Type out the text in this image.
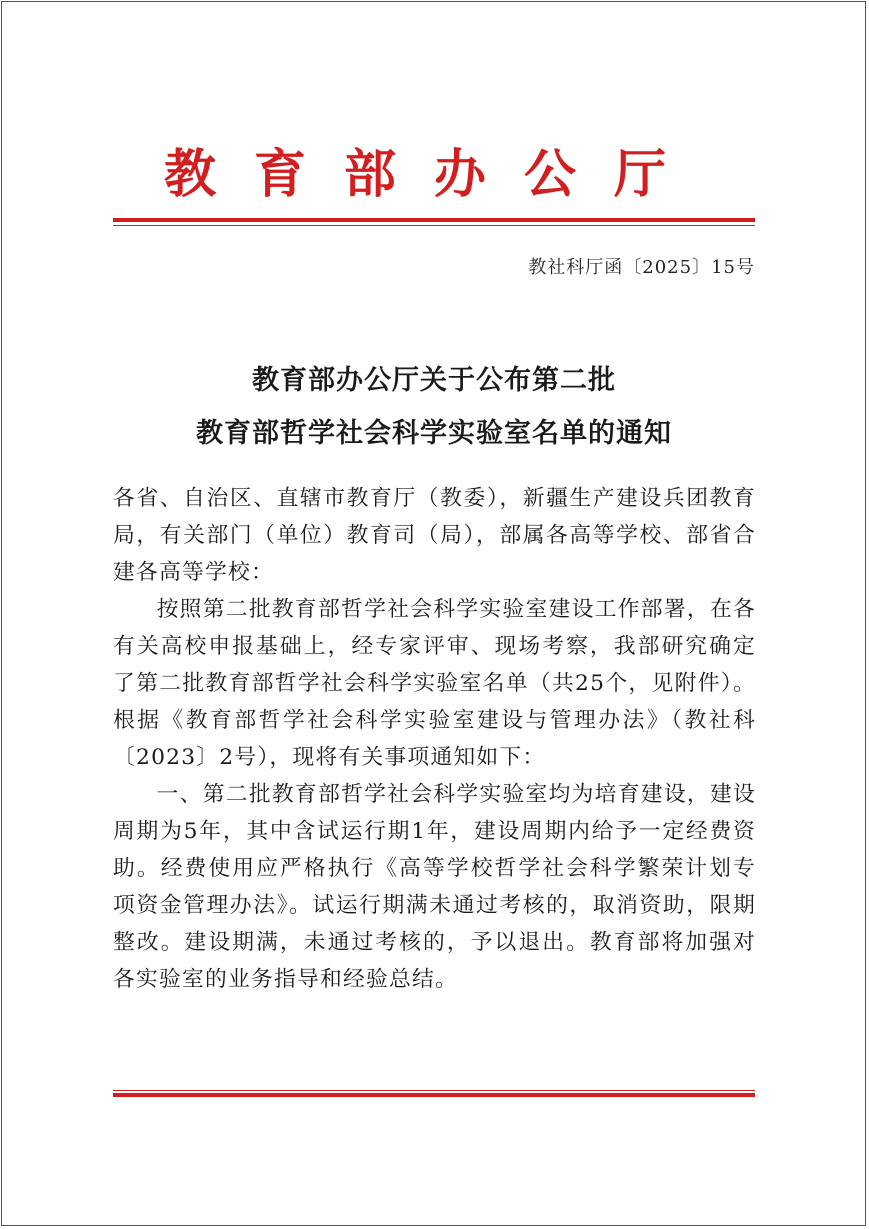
教育部办公厅
教社科厅函〔2025〕15号
教育部办公厅关于公布第二批
教育部哲学社会科学实验室名单的通知

各省、自治区、直辖市教育厅（教委），新疆生产建设兵团教育局，有关部门（单位）教育司（局），部属各高等学校、部省合建各高等学校：

按照第二批教育部哲学社会科学实验室建设工作部署，在各有关高校申报基础上，经专家评审、现场考察，我部研究确定了第二批教育部哲学社会科学实验室名单（共25个，见附件）。根据《教育部哲学社会科学实验室建设与管理办法》（教社科〔2023〕2号），现将有关事项通知如下：

一、第二批教育部哲学社会科学实验室均为培育建设，建设周期为5年，其中含试运行期1年，建设周期内给予一定经费资助。经费使用应严格执行《高等学校哲学社会科学繁荣计划专项资金管理办法》。试运行期满未通过考核的，取消资助，限期整改。建设期满，未通过考核的，予以退出。教育部将加强对各实验室的业务指导和经验总结。
